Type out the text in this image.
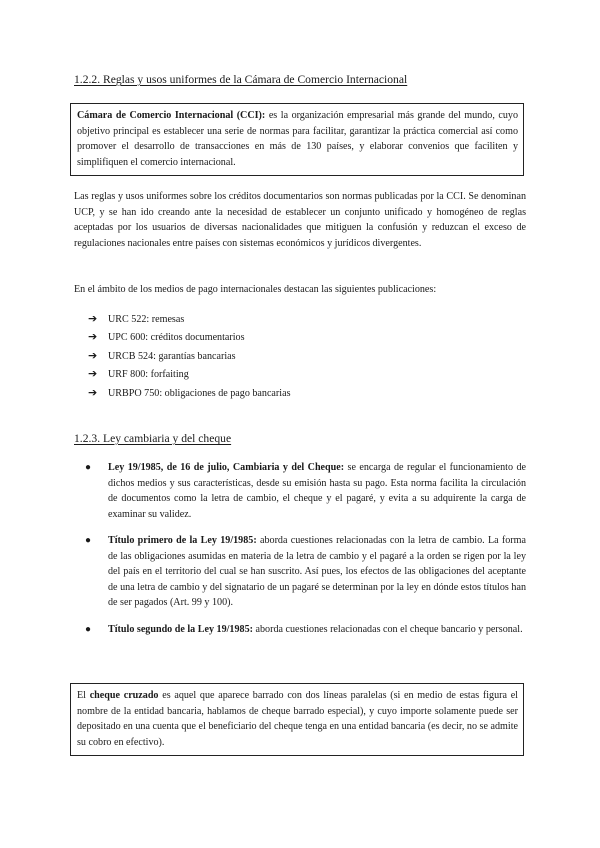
1.2.2. Reglas y usos uniformes de la Cámara de Comercio Internacional
Cámara de Comercio Internacional (CCI): es la organización empresarial más grande del mundo, cuyo objetivo principal es establecer una serie de normas para facilitar, garantizar la práctica comercial así como promover el desarrollo de transacciones en más de 130 países, y elaborar convenios que faciliten y simplifiquen el comercio internacional.
Las reglas y usos uniformes sobre los créditos documentarios son normas publicadas por la CCI. Se denominan UCP, y se han ido creando ante la necesidad de establecer un conjunto unificado y homogéneo de reglas aceptadas por los usuarios de diversas nacionalidades que mitiguen la confusión y reduzcan el exceso de regulaciones nacionales entre países con sistemas económicos y jurídicos divergentes.
En el ámbito de los medios de pago internacionales destacan las siguientes publicaciones:
➔ URC 522: remesas
➔ UPC 600: créditos documentarios
➔ URCB 524: garantías bancarias
➔ URF 800: forfaiting
➔ URBPO 750: obligaciones de pago bancarias
1.2.3. Ley cambiaria y del cheque
●	Ley 19/1985, de 16 de julio, Cambiaria y del Cheque: se encarga de regular el funcionamiento de dichos medios y sus características, desde su emisión hasta su pago. Esta norma facilita la circulación de documentos como la letra de cambio, el cheque y el pagaré, y evita a su adquirente la carga de examinar su validez.
●	Título primero de la Ley 19/1985: aborda cuestiones relacionadas con la letra de cambio. La forma de las obligaciones asumidas en materia de la letra de cambio y el pagaré a la orden se rigen por la ley del país en el territorio del cual se han suscrito. Así pues, los efectos de las obligaciones del aceptante de una letra de cambio y del signatario de un pagaré se determinan por la ley en dónde estos títulos han de ser pagados (Art. 99 y 100).
●	Título segundo de la Ley 19/1985: aborda cuestiones relacionadas con el cheque bancario y personal.
El cheque cruzado es aquel que aparece barrado con dos líneas paralelas (si en medio de estas figura el nombre de la entidad bancaria, hablamos de cheque barrado especial), y cuyo importe solamente puede ser depositado en una cuenta que el beneficiario del cheque tenga en una entidad bancaria (es decir, no se admite su cobro en efectivo).
